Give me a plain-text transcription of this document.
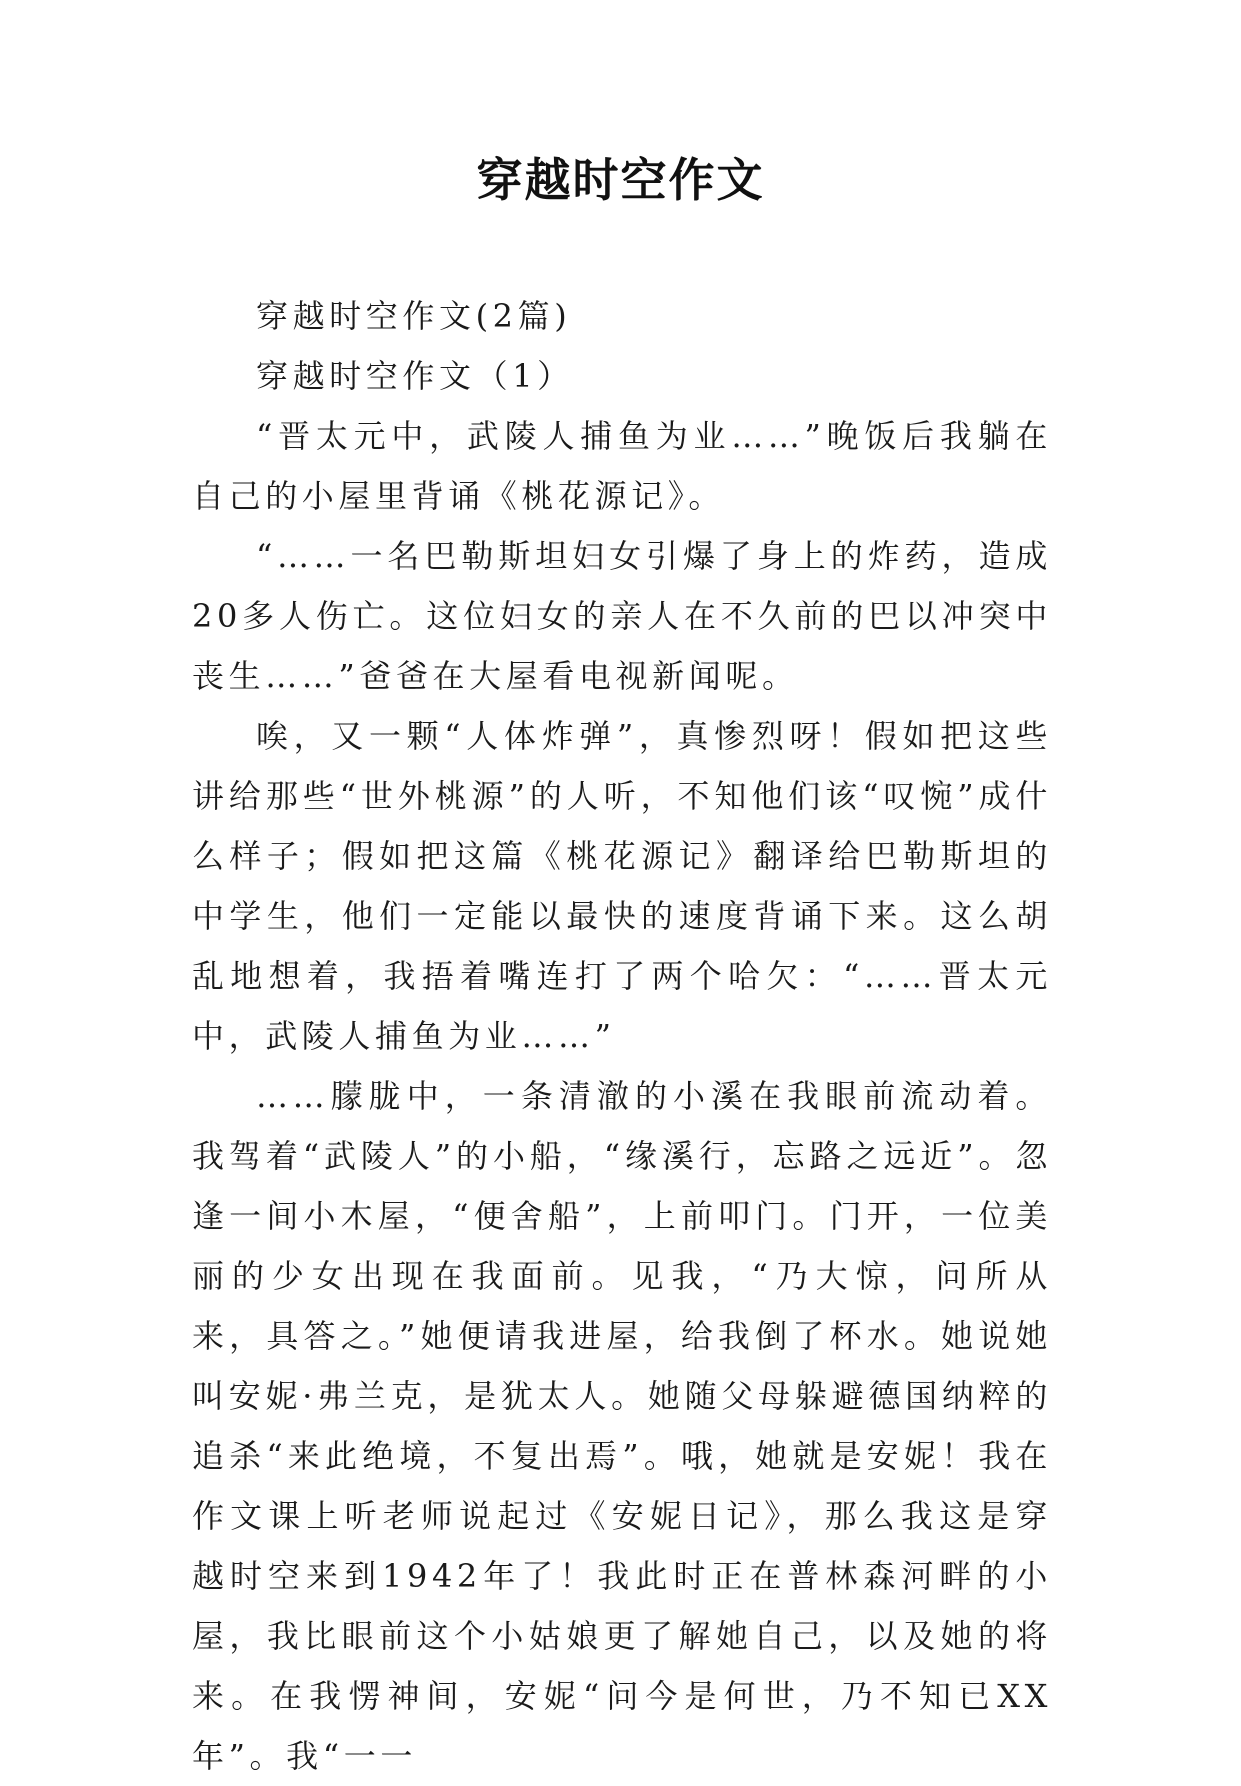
穿越时空作文

穿越时空作文(2篇)

穿越时空作文（1）

“晋太元中，武陵人捕鱼为业……”晚饭后我躺在自己的小屋里背诵《桃花源记》。

“……一名巴勒斯坦妇女引爆了身上的炸药，造成20多人伤亡。这位妇女的亲人在不久前的巴以冲突中丧生……”爸爸在大屋看电视新闻呢。

唉，又一颗“人体炸弹”，真惨烈呀！假如把这些讲给那些“世外桃源”的人听，不知他们该“叹惋”成什么样子；假如把这篇《桃花源记》翻译给巴勒斯坦的中学生，他们一定能以最快的速度背诵下来。这么胡乱地想着，我捂着嘴连打了两个哈欠：“……晋太元中，武陵人捕鱼为业……”

……朦胧中，一条清澈的小溪在我眼前流动着。我驾着“武陵人”的小船，“缘溪行，忘路之远近”。忽逢一间小木屋，“便舍船”，上前叩门。门开，一位美丽的少女出现在我面前。见我，“乃大惊，问所从来，具答之。”她便请我进屋，给我倒了杯水。她说她叫安妮·弗兰克，是犹太人。她随父母躲避德国纳粹的追杀“来此绝境，不复出焉”。哦，她就是安妮！我在作文课上听老师说起过《安妮日记》，那么我这是穿越时空来到1942年了！我此时正在普林森河畔的小屋，我比眼前这个小姑娘更了解她自己，以及她的将来。在我愣神间，安妮“问今是何世，乃不知已XX年”。我“一一
